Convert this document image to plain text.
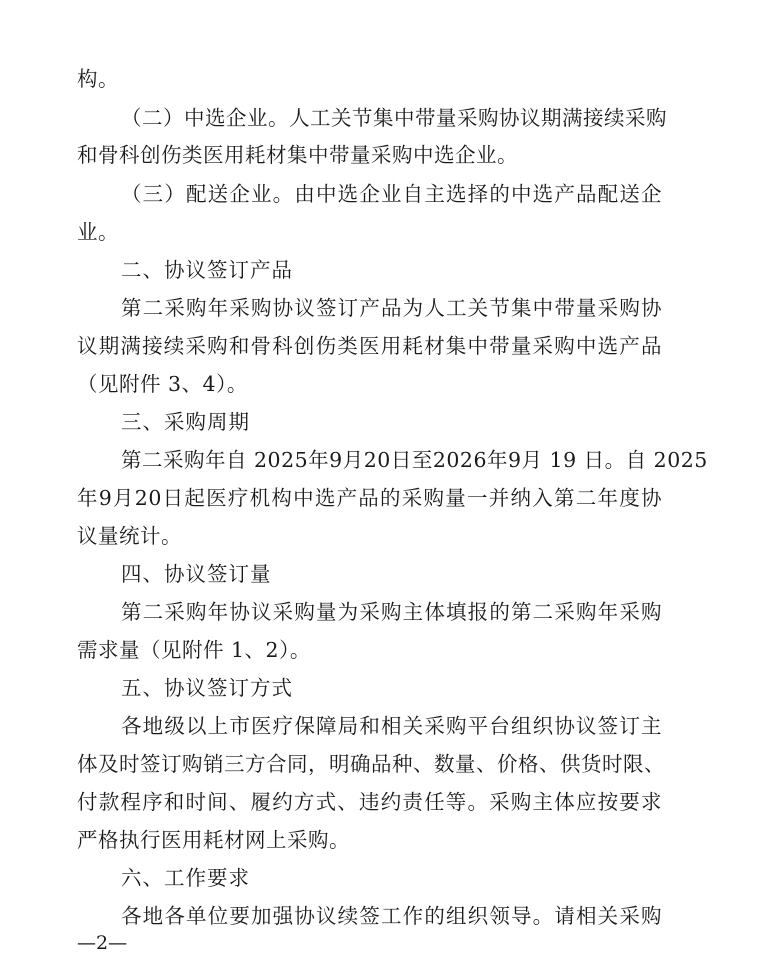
构。
（二）中选企业。人工关节集中带量采购协议期满接续采购
和骨科创伤类医用耗材集中带量采购中选企业。
（三）配送企业。由中选企业自主选择的中选产品配送企
业。
二、协议签订产品
第二采购年采购协议签订产品为人工关节集中带量采购协
议期满接续采购和骨科创伤类医用耗材集中带量采购中选产品
（见附件 3、4）。
三、采购周期
第二采购年自 2025年9月20日至2026年9月 19 日。自 2025
年9月20日起医疗机构中选产品的采购量一并纳入第二年度协
议量统计。
四、协议签订量
第二采购年协议采购量为采购主体填报的第二采购年采购
需求量（见附件 1、2）。
五、协议签订方式
各地级以上市医疗保障局和相关采购平台组织协议签订主
体及时签订购销三方合同，明确品种、数量、价格、供货时限、
付款程序和时间、履约方式、违约责任等。采购主体应按要求
严格执行医用耗材网上采购。
六、工作要求
各地各单位要加强协议续签工作的组织领导。请相关采购
—2—
